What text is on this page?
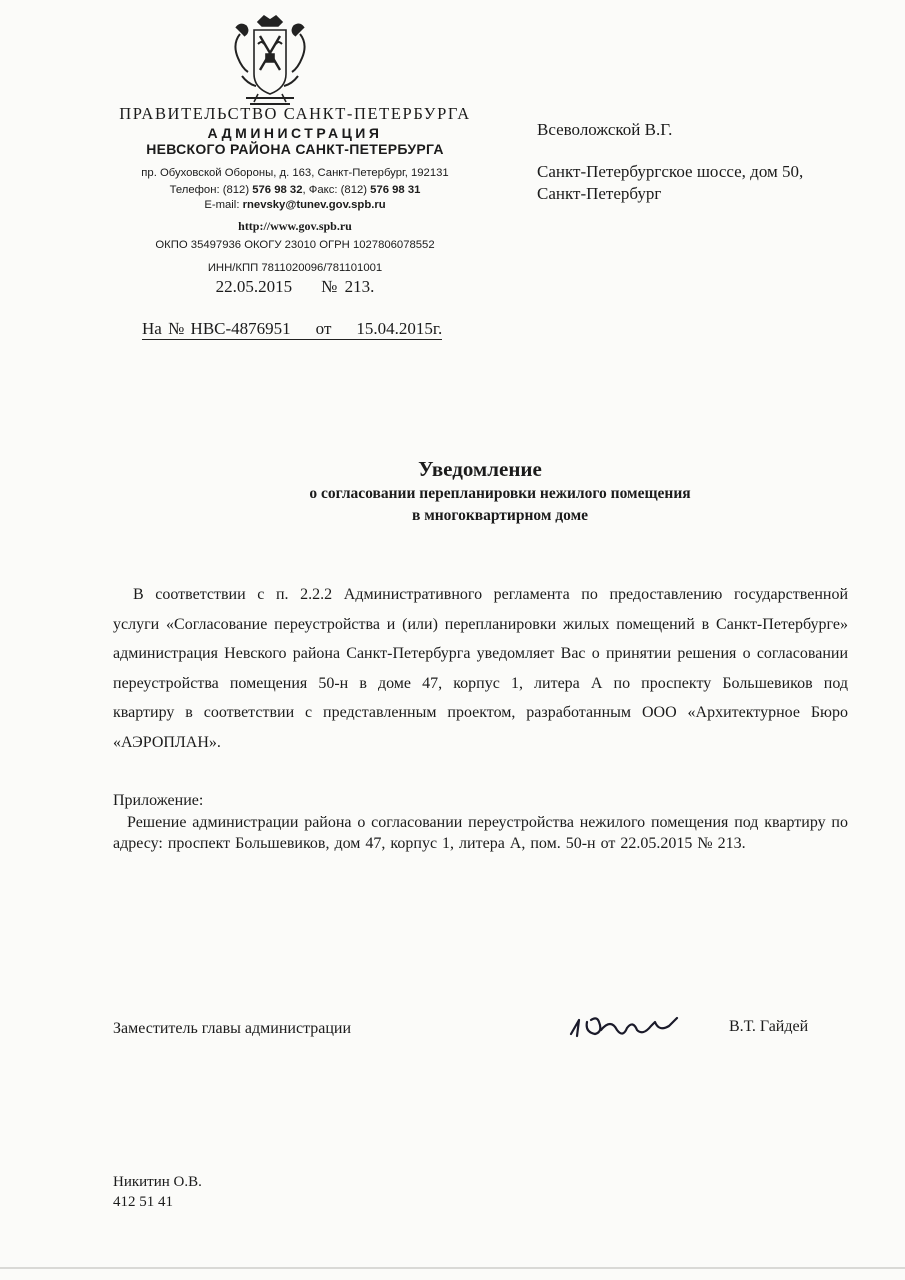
ПРАВИТЕЛЬСТВО САНКТ-ПЕТЕРБУРГА
АДМИНИСТРАЦИЯ
НЕВСКОГО РАЙОНА САНКТ-ПЕТЕРБУРГА
пр. Обуховской Обороны, д. 163, Санкт-Петербург, 192131
Телефон: (812) 576 98 32, Факс: (812) 576 98 31
E-mail: rnevsky@tunev.gov.spb.ru
http://www.gov.spb.ru
ОКПО 35497936 ОКОГУ 23010 ОГРН 1027806078552
ИНН/КПП 7811020096/781101001
22.05.2015 № 213.
На № НВС-4876951 от 15.04.2015г.
Всеволожской В.Г.
Санкт-Петербургское шоссе, дом 50,
Санкт-Петербург
Уведомление
о согласовании перепланировки нежилого помещения
в многоквартирном доме
В соответствии с п. 2.2.2 Административного регламента по предоставлению государственной услуги «Согласование переустройства и (или) перепланировки жилых помещений в Санкт-Петербурге» администрация Невского района Санкт-Петербурга уведомляет Вас о принятии решения о согласовании переустройства помещения 50-н в доме 47, корпус 1, литера А по проспекту Большевиков под квартиру в соответствии с представленным проектом, разработанным ООО «Архитектурное Бюро «АЭРОПЛАН».
Приложение:
Решение администрации района о согласовании переустройства нежилого помещения под квартиру по адресу: проспект Большевиков, дом 47, корпус 1, литера А, пом. 50-н от 22.05.2015 № 213.
Заместитель главы администрации	В.Т. Гайдей
Никитин О.В.
412 51 41
